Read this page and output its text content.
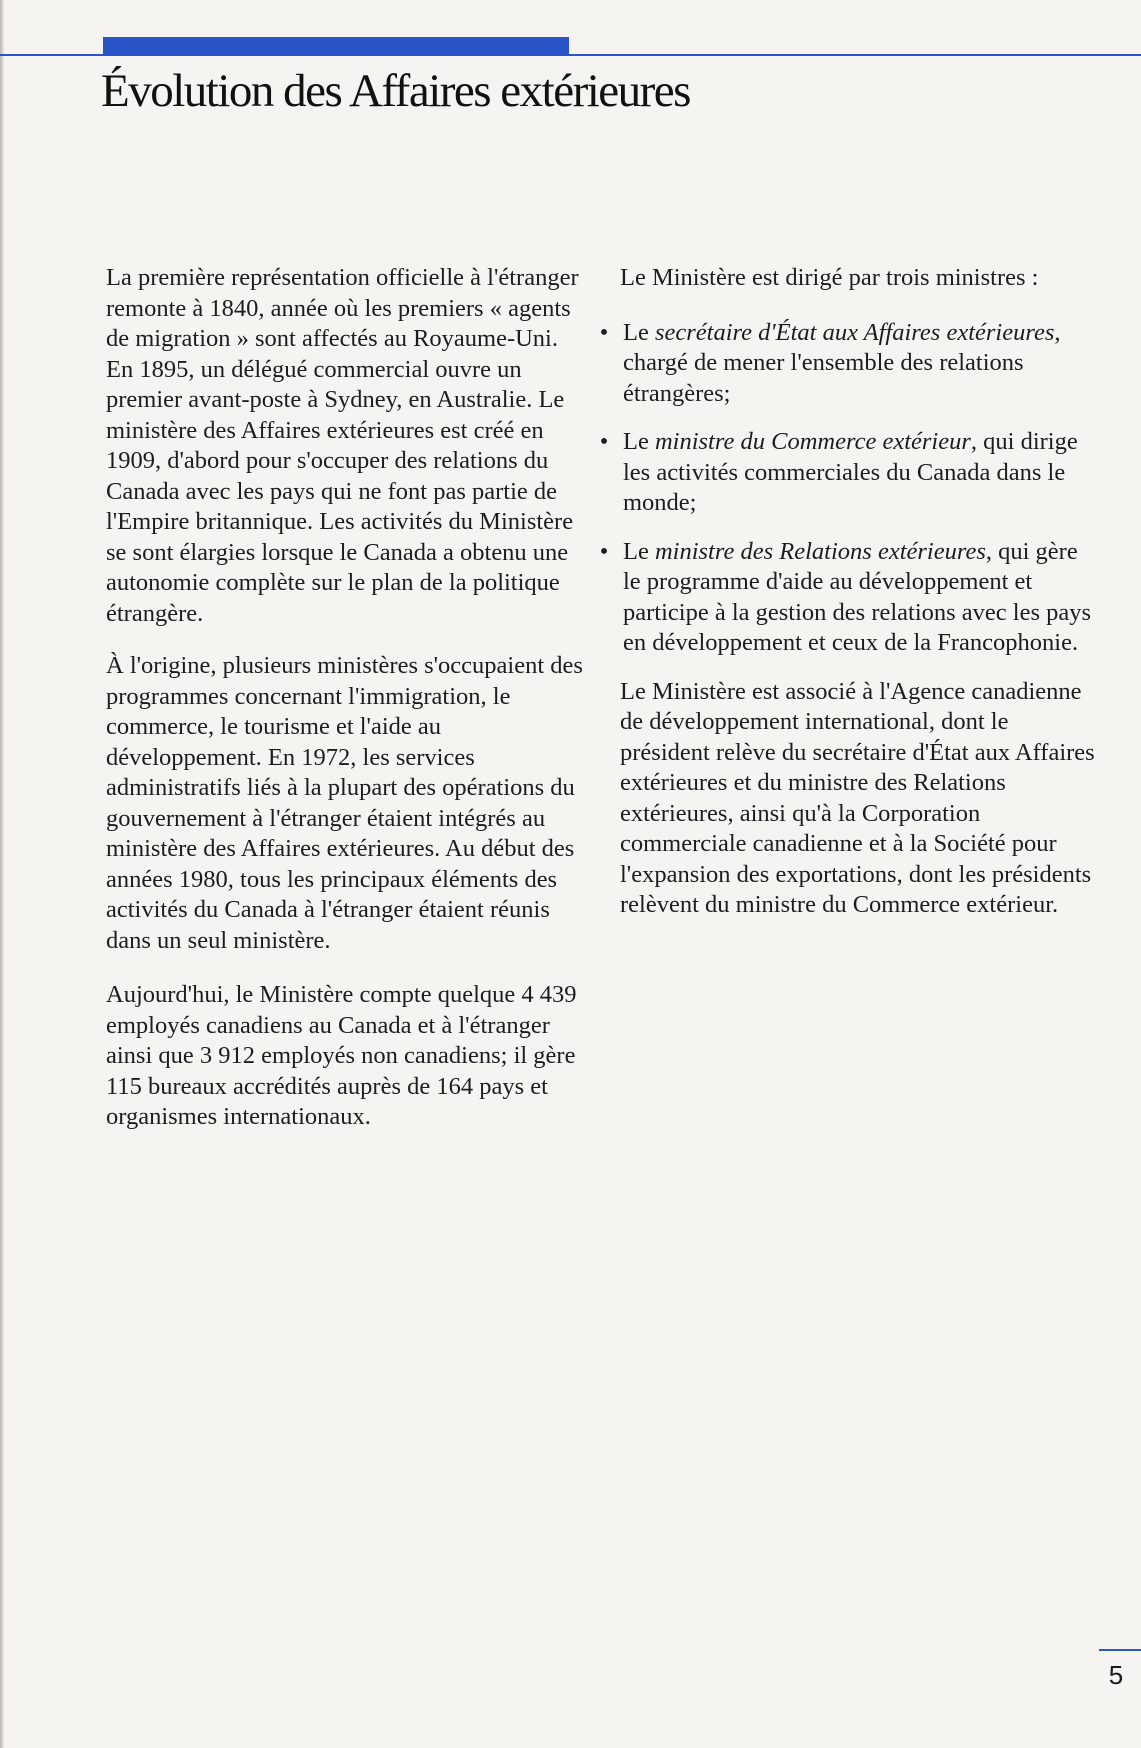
Évolution des Affaires extérieures

La première représentation officielle à l'étranger remonte à 1840, année où les premiers « agents de migration » sont affectés au Royaume-Uni. En 1895, un délégué commercial ouvre un premier avant-poste à Sydney, en Australie. Le ministère des Affaires extérieures est créé en 1909, d'abord pour s'occuper des relations du Canada avec les pays qui ne font pas partie de l'Empire britannique. Les activités du Ministère se sont élargies lorsque le Canada a obtenu une autonomie complète sur le plan de la politique étrangère.

À l'origine, plusieurs ministères s'occupaient des programmes concernant l'immigration, le commerce, le tourisme et l'aide au développement. En 1972, les services administratifs liés à la plupart des opérations du gouvernement à l'étranger étaient intégrés au ministère des Affaires extérieures. Au début des années 1980, tous les principaux éléments des activités du Canada à l'étranger étaient réunis dans un seul ministère.

Aujourd'hui, le Ministère compte quelque 4 439 employés canadiens au Canada et à l'étranger ainsi que 3 912 employés non canadiens; il gère 115 bureaux accrédités auprès de 164 pays et organismes internationaux.

Le Ministère est dirigé par trois ministres :

• Le secrétaire d'État aux Affaires extérieures, chargé de mener l'ensemble des relations étrangères;
• Le ministre du Commerce extérieur, qui dirige les activités commerciales du Canada dans le monde;
• Le ministre des Relations extérieures, qui gère le programme d'aide au développement et participe à la gestion des relations avec les pays en développement et ceux de la Francophonie.

Le Ministère est associé à l'Agence canadienne de développement international, dont le président relève du secrétaire d'État aux Affaires extérieures et du ministre des Relations extérieures, ainsi qu'à la Corporation commerciale canadienne et à la Société pour l'expansion des exportations, dont les présidents relèvent du ministre du Commerce extérieur.

5
